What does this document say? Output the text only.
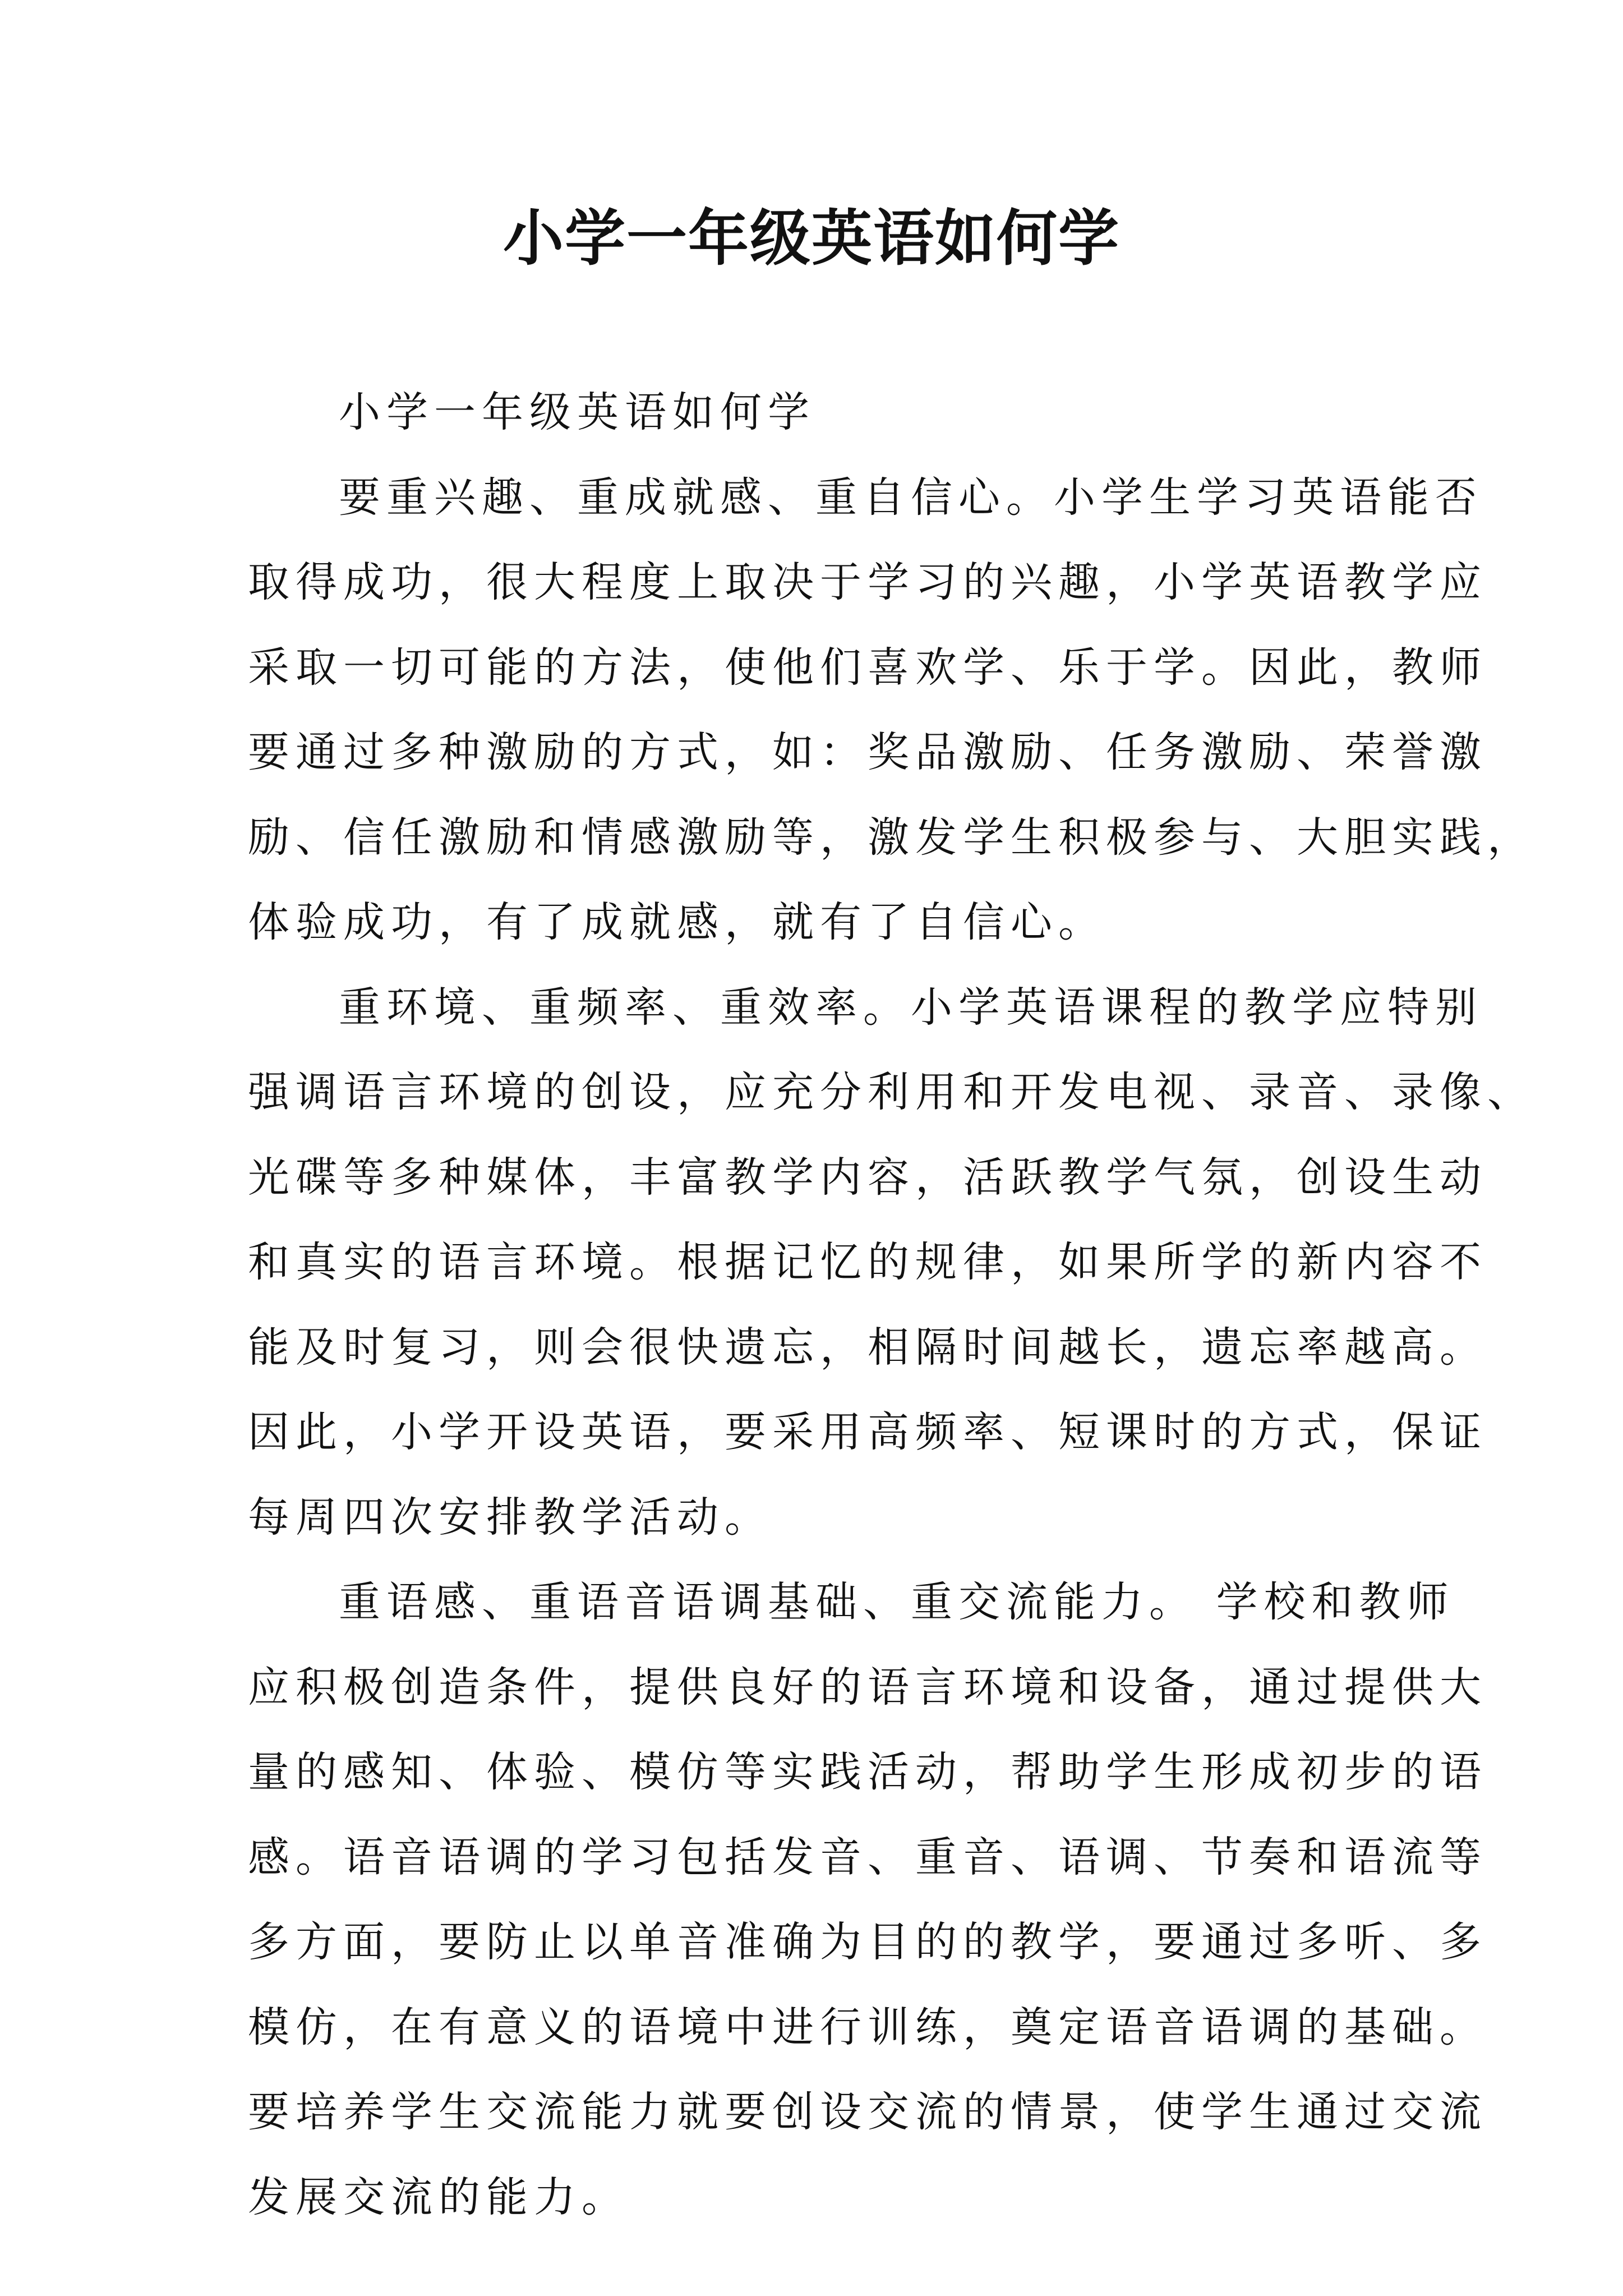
小学一年级英语如何学

小学一年级英语如何学

要重兴趣、重成就感、重自信心。小学生学习英语能否
取得成功，很大程度上取决于学习的兴趣，小学英语教学应
采取一切可能的方法，使他们喜欢学、乐于学。因此，教师
要通过多种激励的方式，如：奖品激励、任务激励、荣誉激
励、信任激励和情感激励等，激发学生积极参与、大胆实践，
体验成功，有了成就感，就有了自信心。

重环境、重频率、重效率。小学英语课程的教学应特别
强调语言环境的创设，应充分利用和开发电视、录音、录像、
光碟等多种媒体，丰富教学内容，活跃教学气氛，创设生动
和真实的语言环境。根据记忆的规律，如果所学的新内容不
能及时复习，则会很快遗忘，相隔时间越长，遗忘率越高。
因此，小学开设英语，要采用高频率、短课时的方式，保证
每周四次安排教学活动。

重语感、重语音语调基础、重交流能力。 学校和教师
应积极创造条件，提供良好的语言环境和设备，通过提供大
量的感知、体验、模仿等实践活动，帮助学生形成初步的语
感。语音语调的学习包括发音、重音、语调、节奏和语流等
多方面，要防止以单音准确为目的的教学，要通过多听、多
模仿，在有意义的语境中进行训练，奠定语音语调的基础。
要培养学生交流能力就要创设交流的情景，使学生通过交流
发展交流的能力。
